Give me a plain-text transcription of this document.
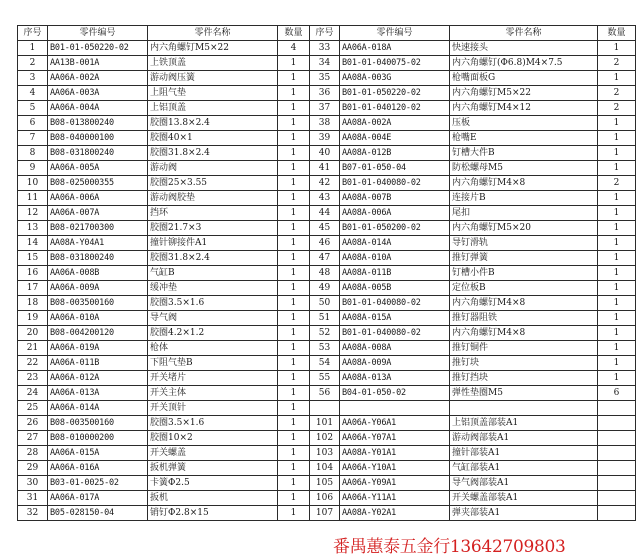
序号	零件编号	零件名称	数量	序号	零件编号	零件名称	数量
1	B01-01-050220-02	内六角螺钉M5×22	4	33	AA06A-018A	快速接头	1
2	AA13B-001A	上铁顶盖	1	34	B01-01-040075-02	内六角螺钉(Φ6.8)M4×7.5	2
3	AA06A-002A	游动阀压簧	1	35	AA08A-003G	枪嘴面板G	1
4	AA06A-003A	上阻气垫	1	36	B01-01-050220-02	内六角螺钉M5×22	2
5	AA06A-004A	上铝顶盖	1	37	B01-01-040120-02	内六角螺钉M4×12	2
6	B08-013800240	胶圈13.8×2.4	1	38	AA08A-002A	压板	1
7	B08-040000100	胶圈40×1	1	39	AA08A-004E	枪嘴E	1
8	B08-031800240	胶圈31.8×2.4	1	40	AA08A-012B	钉槽大件B	1
9	AA06A-005A	游动阀	1	41	B07-01-050-04	防松螺母M5	1
10	B08-025000355	胶圈25×3.55	1	42	B01-01-040080-02	内六角螺钉M4×8	2
11	AA06A-006A	游动阀胶垫	1	43	AA08A-007B	连接片B	1
12	AA06A-007A	挡环	1	44	AA08A-006A	尾扣	1
13	B08-021700300	胶圈21.7×3	1	45	B01-01-050200-02	内六角螺钉M5×20	1
14	AA08A-Y04A1	撞针铆接件A1	1	46	AA08A-014A	导钉滑轨	1
15	B08-031800240	胶圈31.8×2.4	1	47	AA08A-010A	推钉弹簧	1
16	AA06A-008B	气缸B	1	48	AA08A-011B	钉槽小件B	1
17	AA06A-009A	缓冲垫	1	49	AA08A-005B	定位板B	1
18	B08-003500160	胶圈3.5×1.6	1	50	B01-01-040080-02	内六角螺钉M4×8	1
19	AA06A-010A	导气阀	1	51	AA08A-015A	推钉器阻铁	1
20	B08-004200120	胶圈4.2×1.2	1	52	B01-01-040080-02	内六角螺钉M4×8	1
21	AA06A-019A	枪体	1	53	AA08A-008A	推钉铜件	1
22	AA06A-011B	下阻气垫B	1	54	AA08A-009A	推钉块	1
23	AA06A-012A	开关堵片	1	55	AA08A-013A	推钉挡块	1
24	AA06A-013A	开关主体	1	56	B04-01-050-02	弹性垫圈M5	6
25	AA06A-014A	开关顶针	1				
26	B08-003500160	胶圈3.5×1.6	1	101	AA06A-Y06A1	上铝顶盖部装A1	
27	B08-010000200	胶圈10×2	1	102	AA06A-Y07A1	游动阀部装A1	
28	AA06A-015A	开关螺盖	1	103	AA08A-Y01A1	撞针部装A1	
29	AA06A-016A	扳机弹簧	1	104	AA06A-Y10A1	气缸部装A1	
30	B03-01-0025-02	卡簧Φ2.5	1	105	AA06A-Y09A1	导气阀部装A1	
31	AA06A-017A	扳机	1	106	AA06A-Y11A1	开关螺盖部装A1	
32	B05-028150-04	销钉Φ2.8×15	1	107	AA08A-Y02A1	弹夹部装A1	
番禺蕙泰五金行13642709803
